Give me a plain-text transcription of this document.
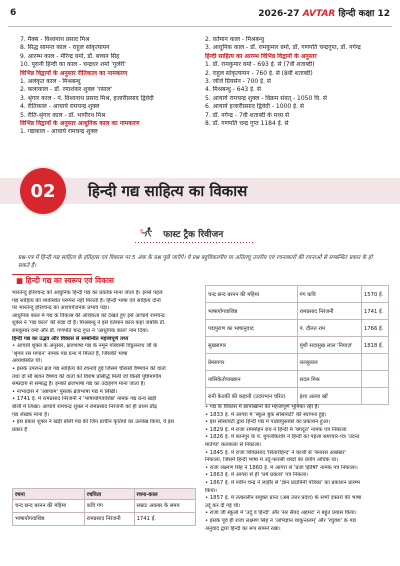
6	2026-27 AVTAR हिन्दी कक्षा 12
7. मैक्स - विश्वनाथ प्रसाद मिश्र
8. सिद्ध सामन्त काल - राहुल सांकृत्यायन
9. आरम्भ काल - मीरेन्द्र वर्मा, डॉ. बच्चन सिंह
10. पूरानी हिन्दी का काल - चन्द्रधर शर्मा 'गुलेरी'
विभिन्न विद्वानों के अनुसार रीतिकाल का नामकरण
1. अलंकृत काल - मिश्रबन्धु
2. कलाकाल - डॉ. रमाशंकर शुक्ल 'रसाल'
3. श्रृंगार काल - पं. विश्वनाथ प्रसाद मिश्र, हजारीप्रसाद द्विवेदी
4. रीतिकाल - आचार्य रामचन्द्र शुक्ल
5. रीति-श्रृंगार काल - डॉ. भागीरथ मिश्र
विभिन्न विद्वानों के अनुसार आधुनिक काल का नामकरण
1. गद्यकाल - आचार्य रामचन्द्र शुक्ल
2. वर्तमान काल - मिश्रबन्धु
3. आधुनिक काल - डॉ. रामकुमार वर्मा, डॉ. गणपति चन्द्रगुप्त, डॉ. नगेन्द्र
हिन्दी साहित्य का आरम्भ विभिन्न विद्वानों के अनुसार
1. डॉ. रामकुमार वर्मा - 693 ई. से (7वीं शताब्दी)
2. राहुल सांकृत्यायन - 760 ई. से (8वीं शताब्दी)
3. जॉर्ज ग्रियर्सन - 700 ई. से
4. मिश्रबन्धु - 643 ई. से
5. आचार्य रामचन्द्र शुक्ल - विक्रम संवत् - 1050 वि. से
6. आचार्य हजारीप्रसाद द्विवेदी - 1000 ई. से
7. डॉ. नगेन्द्र - 7वीं शताब्दी के मध्य से
8. डॉ. गणपति चन्द्र गुप्त 1184 ई. से
02	हिन्दी गद्य साहित्य का विकास
फास्ट ट्रैक रिवीजन
प्रश्न-पत्र में हिन्दी गद्य साहित्य के इतिहास एवं विकास पर 5 अंक के प्रश्न पूछे जाएँगे। ये प्रश्न बहुविकल्पीय या अतिलघु उत्तरीय एवं रचनाकारों की रचनाओं से सम्बन्धित प्रकार के हो सकते हैं।
■ हिन्दी गद्य का स्वरूप एवं विकास
भारतेन्दु हरिश्चन्द्र को आधुनिक हिन्दी गद्य का प्रवर्तक माना जाता है। इनसे पहले
गद्य साहित्य की व्यवस्थित परम्परा नहीं मिलती है। हिन्दी भाषा एवं साहित्य दोनों
पर भारतेन्दु हरिश्चन्द्र का आश्चर्यजनक प्रभाव पड़ा।
आधुनिक काल में गद्य के विकास की अधिकता को देखते हुए इसे आचार्य रामचन्द्र
शुक्ल ने 'गद्य काल' की संज्ञा दी है। मिश्रबन्धु ने इसे वर्तमान काल कहा जबकि डॉ.
रामकुमार वर्मा और डॉ. गणपति चन्द्र गुप्त ने 'आधुनिक काल' नाम दिया।
हिन्दी गद्य का उद्भव और विकास से सम्बन्धित महत्त्वपूर्ण तथ्य
• आचार्य शुक्ल के अनुसार, ब्रजभाषा गद्य के नमूने गोस्वामी विट्ठलनाथ जी के
'श्रृंगार रस मण्डन' नामक गद्य ग्रन्थ में मिलते हैं, जिसकी भाषा
अव्यवस्थित थी।
• इसके उपरान्त ब्रज गद्य साहित्य की रचनाएँ हुई जिसमें चौरासी वैष्णवन की वार्ता
तथा दो सौ बावन वैष्णव की वार्ता को विशेष प्रसिद्धि मिली जो किसी पुष्टिमार्गीय
सम्प्रदाय से सम्बद्ध है। इनको ब्रजभाषा गद्य का उदाहरण माना जाता है।
• नाभादास ने 'अष्टयाम' पुस्तक ब्रजभाषा गद्य में लिखी।
• 1741 ई. में रामप्रसाद निरंजनी ने 'भाषायोगवाशिष्ठ' नामक गद्य ग्रन्थ खड़ी
बोली में लिखा। आचार्य रामचन्द्र शुक्ल ने रामप्रसाद निरंजनी को ही प्रथम प्रौढ़
गद्य लेखक माना है।
• इस प्रकार शुक्ल ने खड़ी बोली गद्य की जिन प्राचीन कृतियों का उल्लेख किया, वे इस
प्रकार हैं
चन्द्र छन्द बरनन की महिमा	गंग कवि	1570 ई.
भाषायोगवाशिष्ठ	रामप्रसाद निरंजनी	1741 ई.
पद्मपुराण का भाषानुवाद	पं. दौलत राम	1766 ई.
सुखसागर	मुंशी सदासुख लाल 'नियाज़'	1818 ई.
प्रेमसागर	लल्लूलाल	
नासिकेतोपाख्यान	सदल मिश्र	
रानी केतकी की कहानी (उदयभान चरित)	इंशा अल्ला खाँ	
• गद्य के विकास में छापाखानों की महत्त्वपूर्ण भूमिका रही है।
• 1833 ई. में आगरा में 'स्कूल बुक सोसायटी' की स्थापना हुई।
• इस सोसायटी द्वारा हिन्दी गद्य में पाठ्यपुस्तकों का प्रकाशन हुआ।
• 1829 ई. में राजा राममोहन राय ने हिन्दी में 'बंगदूत' नामक पत्र निकाला
• 1826 ई. में कानपुर के पं. युगलकिशोर ने हिन्दी का पहला समाचार-पत्र 'उदन्त
मार्तण्ड' कलकत्ता से निकाला।
• 1845 ई. में राजा शिवप्रसाद 'सितारेहिन्द' ने काशी से 'बनारस अखबार'
निकाला, जिसमें हिन्दी भाषा में उर्दू-फारसी शब्दों का प्रयोग अधिक था।
• राजा लक्ष्मण सिंह ने 1860 ई. में आगरा से 'प्रजा हितैषी' नामक पत्र निकाला।
• 1863 ई. में आगरा से ही 'धर्म प्रकाश' पत्र निकला।
• 1867 ई. में नवीन चन्द्र ने लाहौर से 'ज्ञान प्रदायिनी पत्रिका' का प्रकाशन प्रारम्भ
किया।
• 1857 ई. में तत्कालीन संयुक्त प्रान्त (अब उत्तर प्रदेश) के सभी दफ्तरों की भाषा
उर्दू कर दी गई थी।
• राजा जी स्कूलों में 'उर्दू व हिन्दी' और 'सर सैयद अहमद' ने बहुत प्रयास किया।
• इसके पूर्व ही राजा लक्ष्मण सिंह ने 'अभिज्ञान शाकुन्तलम्' और 'रघुवंश' के गद्य
अनुवाद द्वारा हिन्दी का रूप सामने रखा।
रचना	रचयिता	रचना-काल
चन्द छन्द बरनन की महिमा	कवि गंग	सम्राट अकबर के समय
भाषायोगवाशिष्ठ	रामप्रसाद निरंजनी	1741 ई.
